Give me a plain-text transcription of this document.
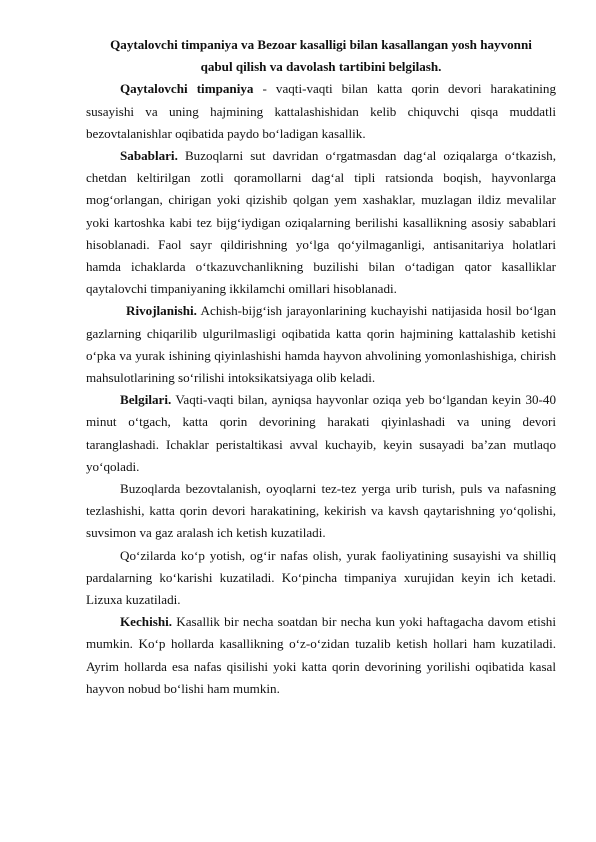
Qaytalovchi timpaniya va Bezoar kasalligi bilan kasallangan yosh hayvonni
qabul qilish va davolash tartibini belgilash.

Qaytalovchi timpaniya - vaqti-vaqti bilan katta qorin devori harakatining susayishi va uning hajmining kattalashishidan kelib chiquvchi qisqa muddatli bezovtalanishlar oqibatida paydo bo‘ladigan kasallik.

Sabablari. Buzoqlarni sut davridan o‘rgatmasdan dag‘al oziqalarga o‘tkazish, chetdan keltirilgan zotli qoramollarni dag‘al tipli ratsionda boqish, hayvonlarga mog‘orlangan, chirigan yoki qizishib qolgan yem xashaklar, muzlagan ildiz mevalilar yoki kartoshka kabi tez bijg‘iydigan oziqalarning berilishi kasallikning asosiy sabablari hisoblanadi. Faol sayr qildirishning yo‘lga qo‘yilmaganligi, antisanitariya holatlari hamda ichaklarda o‘tkazuvchanlikning buzilishi bilan o‘tadigan qator kasalliklar qaytalovchi timpaniyaning ikkilamchi omillari hisoblanadi.

Rivojlanishi. Achish-bijg‘ish jarayonlarining kuchayishi natijasida hosil bo‘lgan gazlarning chiqarilib ulgurilmasligi oqibatida katta qorin hajmining kattalashib ketishi o‘pka va yurak ishining qiyinlashishi hamda hayvon ahvolining yomonlashishiga, chirish mahsulotlarining so‘rilishi intoksikatsiyaga olib keladi.

Belgilari. Vaqti-vaqti bilan, ayniqsa hayvonlar oziqa yeb bo‘lgandan keyin 30-40 minut o‘tgach, katta qorin devorining harakati qiyinlashadi va uning devori taranglashadi. Ichaklar peristaltikasi avval kuchayib, keyin susayadi ba’zan mutlaqo yo‘qoladi.

Buzoqlarda bezovtalanish, oyoqlarni tez-tez yerga urib turish, puls va nafasning tezlashishi, katta qorin devori harakatining, kekirish va kavsh qaytarishning yo‘qolishi, suvsimon va gaz aralash ich ketish kuzatiladi.

Qo‘zilarda ko‘p yotish, og‘ir nafas olish, yurak faoliyatining susayishi va shilliq pardalarning ko‘karishi kuzatiladi. Ko‘pincha timpaniya xurujidan keyin ich ketadi. Lizuxa kuzatiladi.

Kechishi. Kasallik bir necha soatdan bir necha kun yoki haftagacha davom etishi mumkin. Ko‘p hollarda kasallikning o‘z-o‘zidan tuzalib ketish hollari ham kuzatiladi. Ayrim hollarda esa nafas qisilishi yoki katta qorin devorining yorilishi oqibatida kasal hayvon nobud bo‘lishi ham mumkin.
